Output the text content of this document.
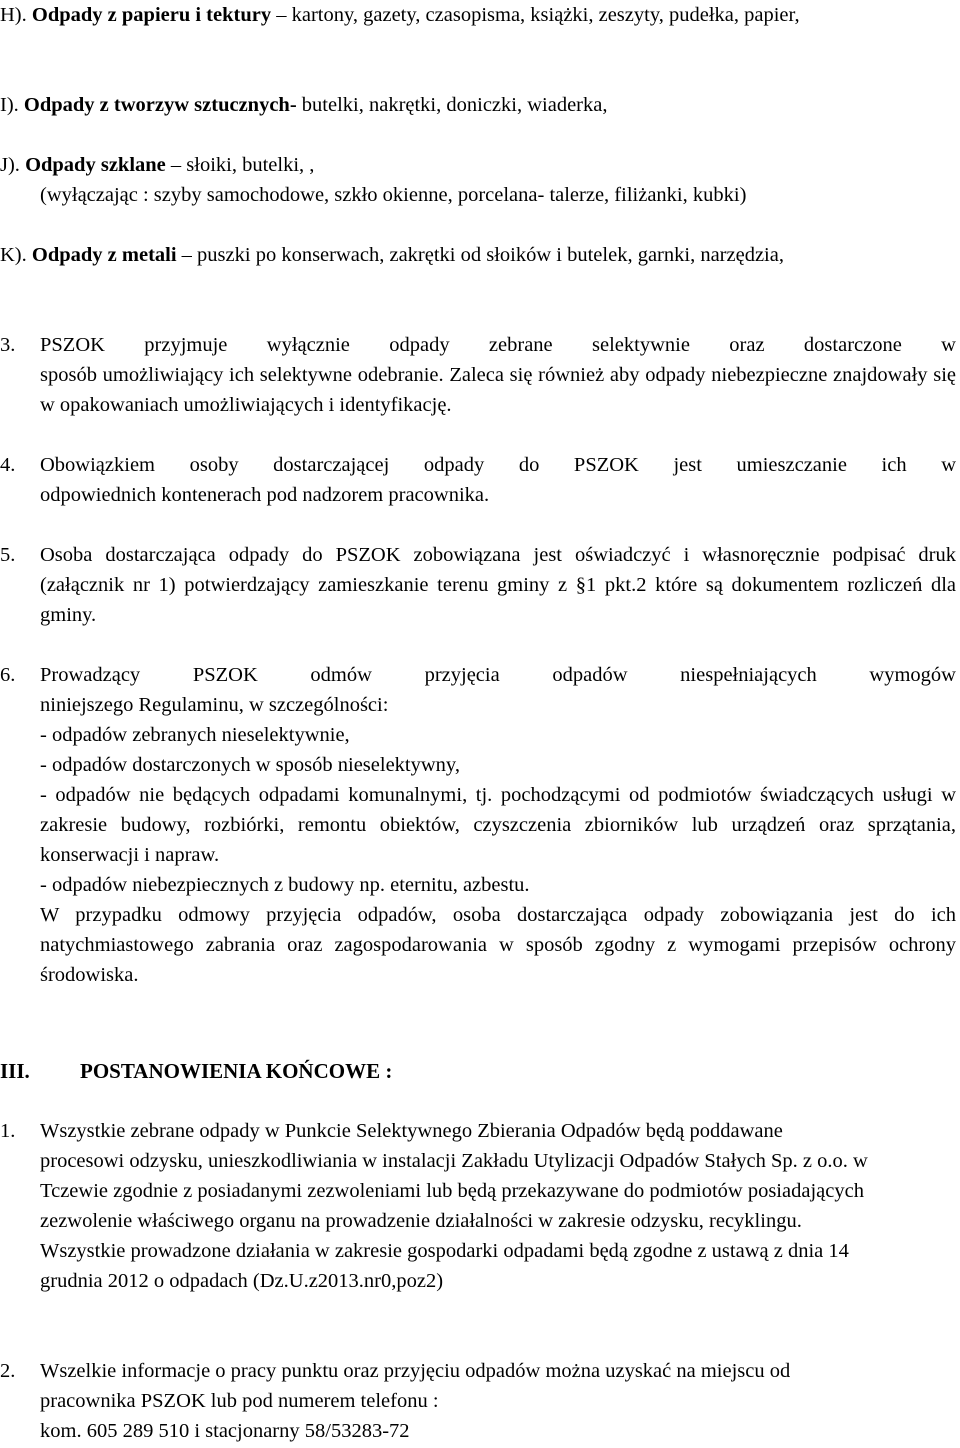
H). Odpady z papieru i tektury – kartony, gazety, czasopisma, książki, zeszyty, pudełka, papier,

I). Odpady z tworzyw sztucznych- butelki, nakrętki, doniczki, wiaderka,

J). Odpady szklane – słoiki, butelki, ,

(wyłączając : szyby samochodowe, szkło okienne, porcelana- talerze, filiżanki, kubki)

K). Odpady z metali – puszki po konserwach, zakrętki od słoików i butelek, garnki, narzędzia,

3. PSZOK przyjmuje wyłącznie odpady zebrane selektywnie oraz dostarczone w

sposób umożliwiający ich selektywne odebranie. Zaleca się również aby odpady niebezpieczne znajdowały się w opakowaniach umożliwiających i identyfikację.

4. Obowiązkiem osoby dostarczającej odpady do PSZOK jest umieszczanie ich w

odpowiednich kontenerach pod nadzorem pracownika.

5. Osoba dostarczająca odpady do PSZOK zobowiązana jest oświadczyć i własnoręcznie podpisać druk (załącznik nr 1) potwierdzający zamieszkanie terenu gminy z §1 pkt.2 które są dokumentem rozliczeń dla gminy.

6. Prowadzący PSZOK odmów przyjęcia odpadów niespełniających wymogów

niniejszego Regulaminu, w szczególności:

- odpadów zebranych nieselektywnie,

- odpadów dostarczonych w sposób nieselektywny,

- odpadów nie będących odpadami komunalnymi, tj. pochodzącymi od podmiotów świadczących usługi w zakresie budowy, rozbiórki, remontu obiektów, czyszczenia zbiorników lub urządzeń oraz sprzątania, konserwacji i napraw.

- odpadów niebezpiecznych z budowy np. eternitu, azbestu.

W przypadku odmowy przyjęcia odpadów, osoba dostarczająca odpady zobowiązania jest do ich natychmiastowego zabrania oraz zagospodarowania w sposób zgodny z wymogami przepisów ochrony środowiska.

III. POSTANOWIENIA KOŃCOWE :
1. Wszystkie zebrane odpady w Punkcie Selektywnego Zbierania Odpadów będą poddawane procesowi odzysku, unieszkodliwiania w instalacji Zakładu Utylizacji Odpadów Stałych Sp. z o.o. w Tczewie zgodnie z posiadanymi zezwoleniami lub będą przekazywane do podmiotów posiadających zezwolenie właściwego organu na prowadzenie działalności w zakresie odzysku, recyklingu. Wszystkie prowadzone działania w zakresie gospodarki odpadami będą zgodne z ustawą z dnia 14 grudnia 2012 o odpadach (Dz.U.z2013.nr0,poz2)

2. Wszelkie informacje o pracy punktu oraz przyjęciu odpadów można uzyskać na miejscu od pracownika PSZOK lub pod numerem telefonu :

kom. 605 289 510 i stacjonarny 58/53283-72
